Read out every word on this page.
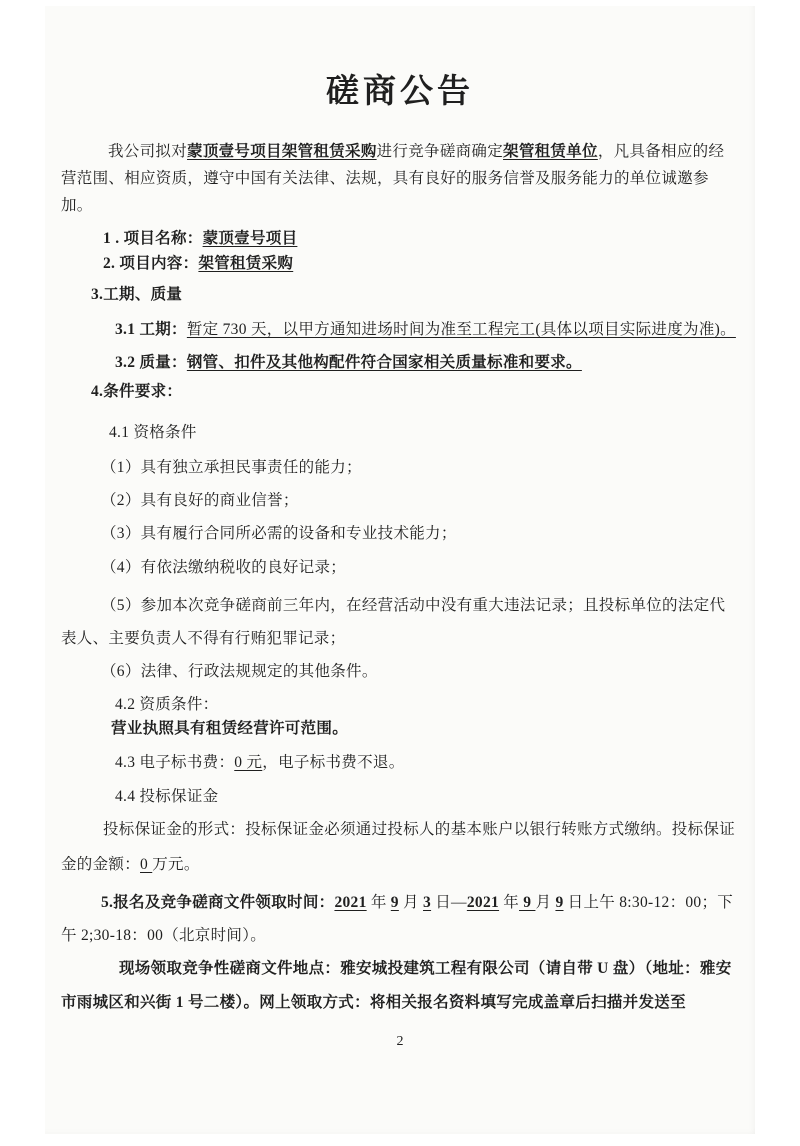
磋商公告

我公司拟对蒙顶壹号项目架管租赁采购进行竞争磋商确定架管租赁单位，凡具备相应的经营范围、相应资质，遵守中国有关法律、法规，具有良好的服务信誉及服务能力的单位诚邀参加。

1 . 项目名称：蒙顶壹号项目

2. 项目内容：架管租赁采购

3.工期、质量

3.1 工期：暂定 730 天，以甲方通知进场时间为准至工程完工(具体以项目实际进度为准)。

3.2 质量：钢管、扣件及其他构配件符合国家相关质量标准和要求。

4.条件要求：

4.1 资格条件

（1）具有独立承担民事责任的能力；

（2）具有良好的商业信誉；

（3）具有履行合同所必需的设备和专业技术能力；

（4）有依法缴纳税收的良好记录；

（5）参加本次竞争磋商前三年内，在经营活动中没有重大违法记录；且投标单位的法定代表人、主要负责人不得有行贿犯罪记录；

（6）法律、行政法规规定的其他条件。

4.2 资质条件：

营业执照具有租赁经营许可范围。

4.3 电子标书费：0 元，电子标书费不退。

4.4 投标保证金

投标保证金的形式：投标保证金必须通过投标人的基本账户以银行转账方式缴纳。投标保证金的金额：0 万元。

5.报名及竞争磋商文件领取时间：2021 年 9 月 3 日—2021 年 9 月 9 日上午 8:30-12：00；下午 2;30-18：00（北京时间）。

现场领取竞争性磋商文件地点：雅安城投建筑工程有限公司（请自带 U 盘）（地址：雅安市雨城区和兴街 1 号二楼）。网上领取方式：将相关报名资料填写完成盖章后扫描并发送至

2
